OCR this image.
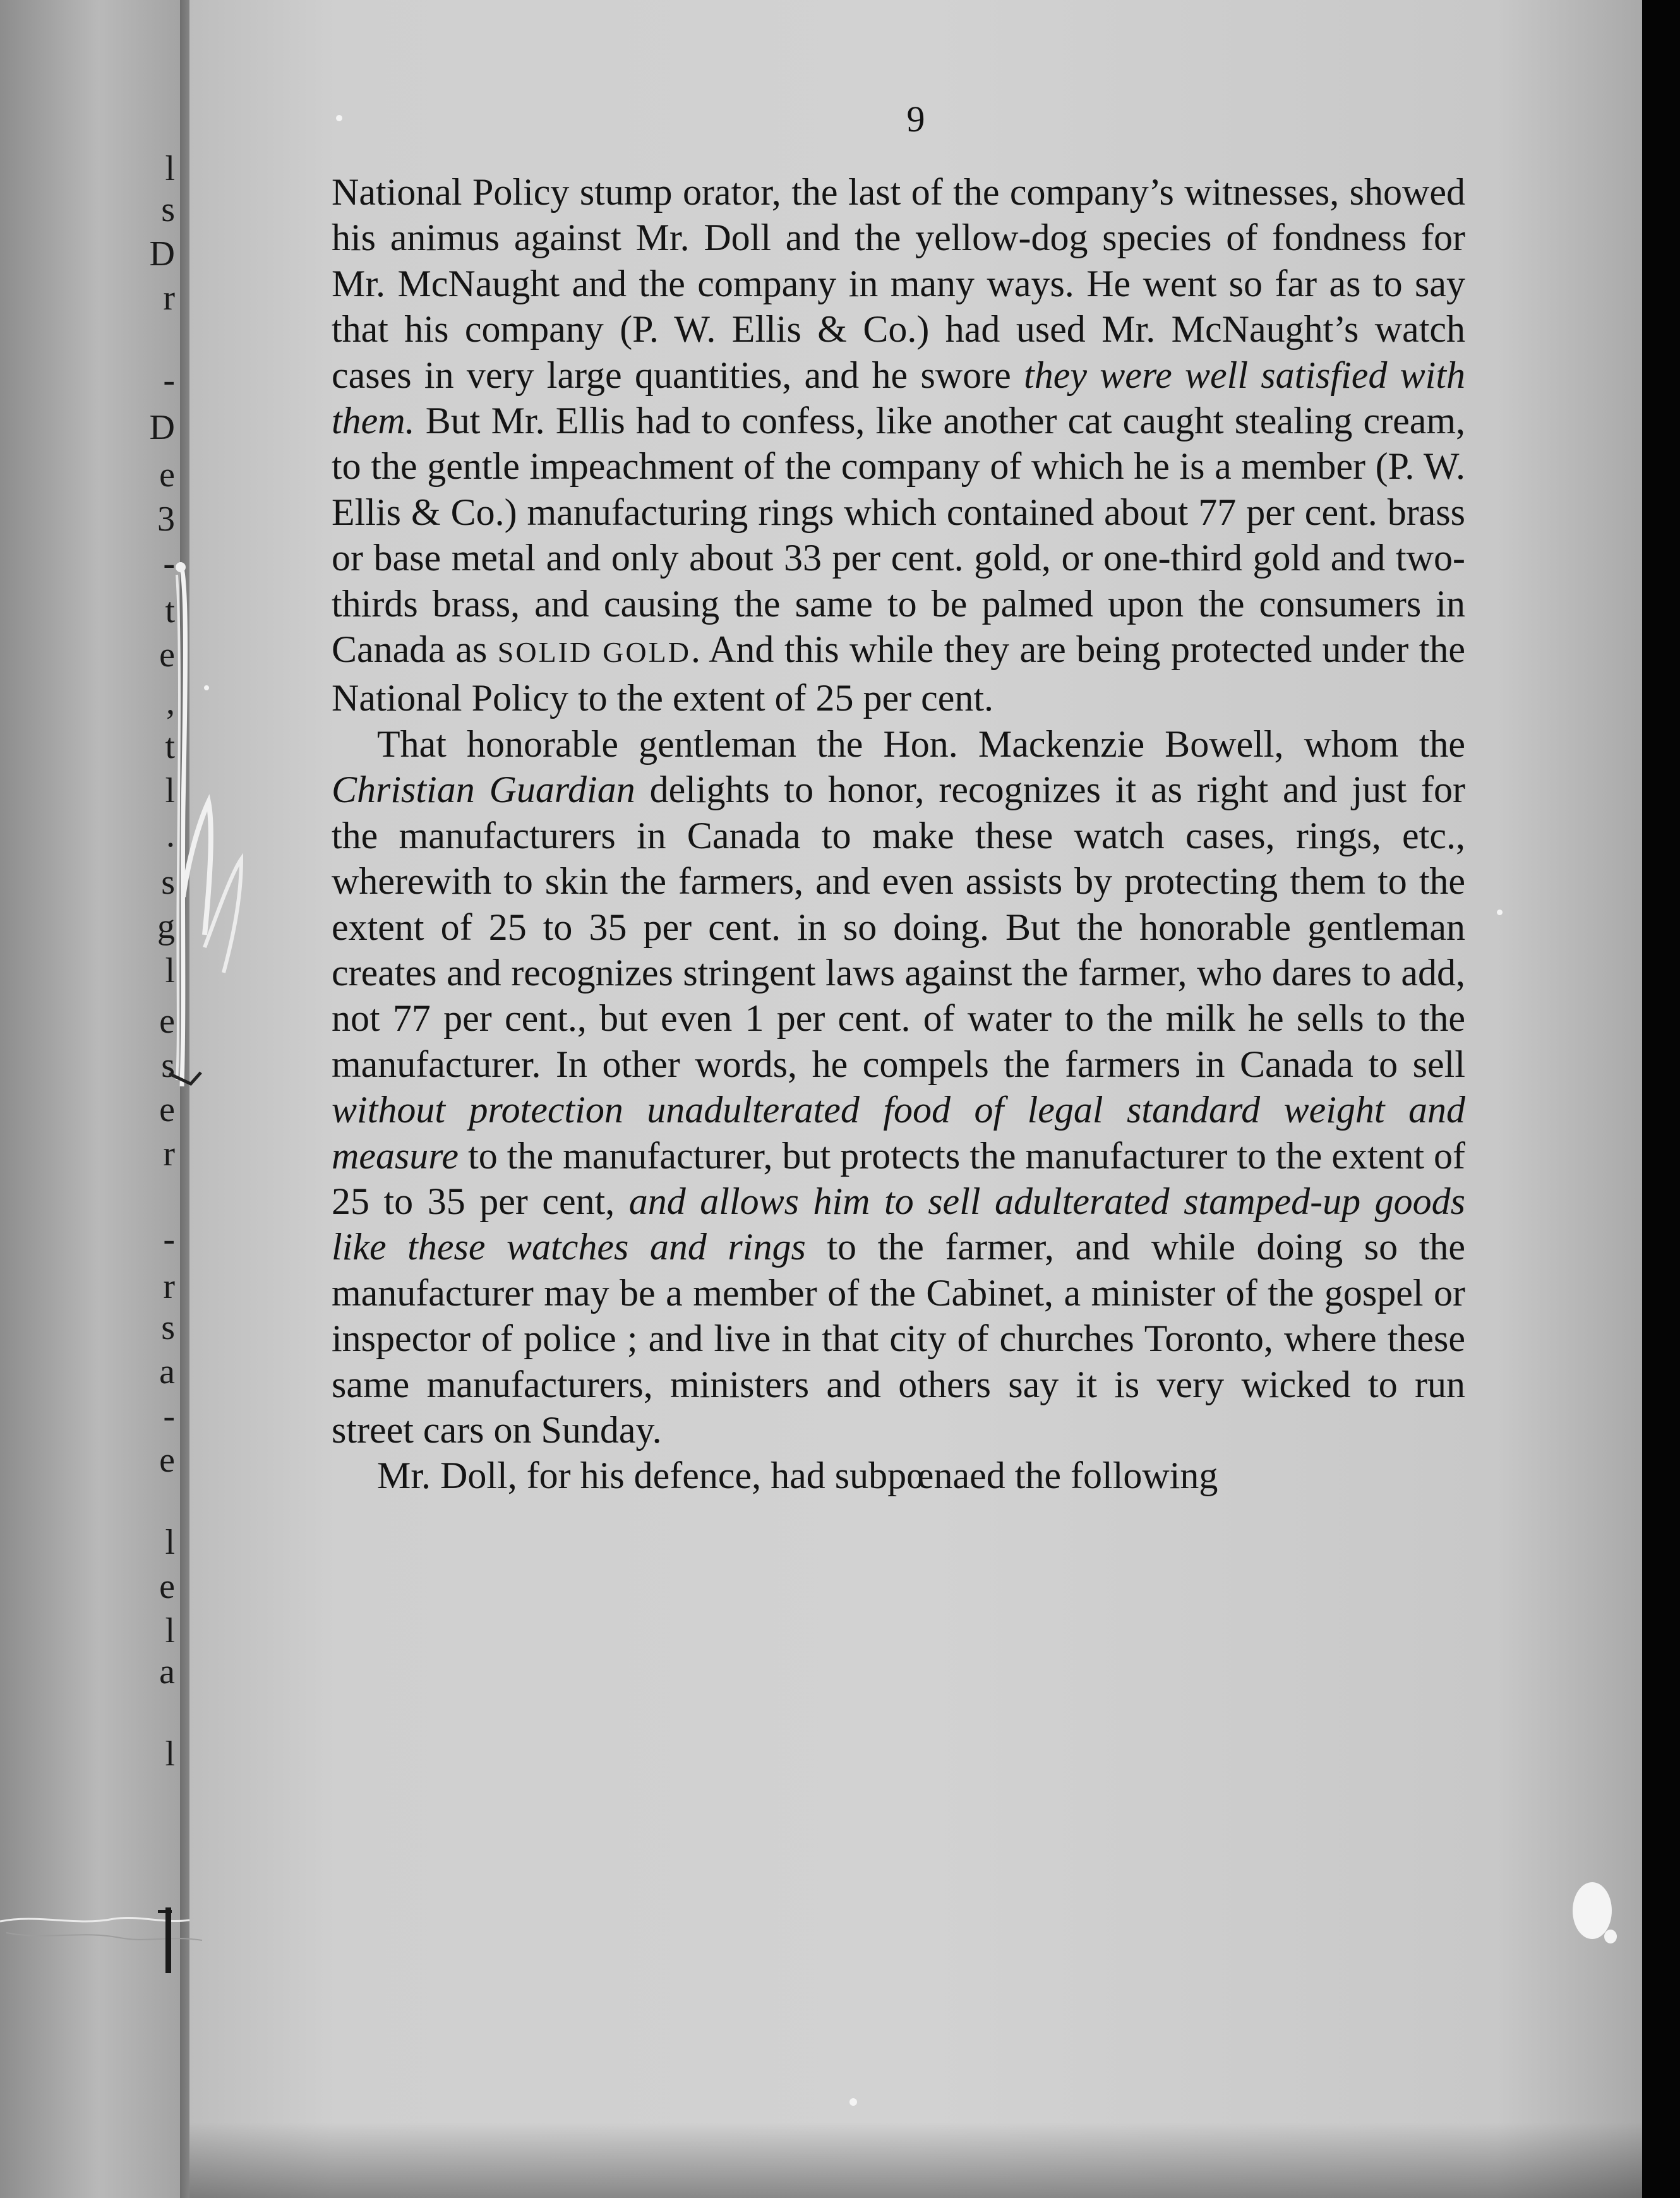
l
s
D
r
-
D
e
3
-
t
e
,
t
l
.
s
g
l
e
s
e
r
-
r
s
a
-
e
l
e
l
a
l
9

National Policy stump orator, the last of the company’s witnesses, showed his animus against Mr. Doll and the yellow-dog species of fondness for Mr. McNaught and the company in many ways. He went so far as to say that his company (P. W. Ellis & Co.) had used Mr. McNaught’s watch cases in very large quantities, and he swore they were well satisfied with them. But Mr. Ellis had to confess, like another cat caught stealing cream, to the gentle impeachment of the company of which he is a member (P. W. Ellis & Co.) manufacturing rings which contained about 77 per cent. brass or base metal and only about 33 per cent. gold, or one-third gold and two-thirds brass, and causing the same to be palmed upon the consumers in Canada as SOLID GOLD. And this while they are being protected under the National Policy to the extent of 25 per cent.

That honorable gentleman the Hon. Mackenzie Bowell, whom the Christian Guardian delights to honor, recognizes it as right and just for the manufacturers in Canada to make these watch cases, rings, etc., wherewith to skin the farmers, and even assists by protecting them to the extent of 25 to 35 per cent. in so doing. But the honorable gentleman creates and recognizes stringent laws against the farmer, who dares to add, not 77 per cent., but even 1 per cent. of water to the milk he sells to the manufacturer. In other words, he compels the farmers in Canada to sell without protection unadulterated food of legal standard weight and measure to the manufacturer, but protects the manufacturer to the extent of 25 to 35 per cent, and allows him to sell adulterated stamped-up goods like these watches and rings to the farmer, and while doing so the manufacturer may be a member of the Cabinet, a minister of the gospel or inspector of police ; and live in that city of churches Toronto, where these same manufacturers, ministers and others say it is very wicked to run street cars on Sunday.

Mr. Doll, for his defence, had subpœnaed the following
